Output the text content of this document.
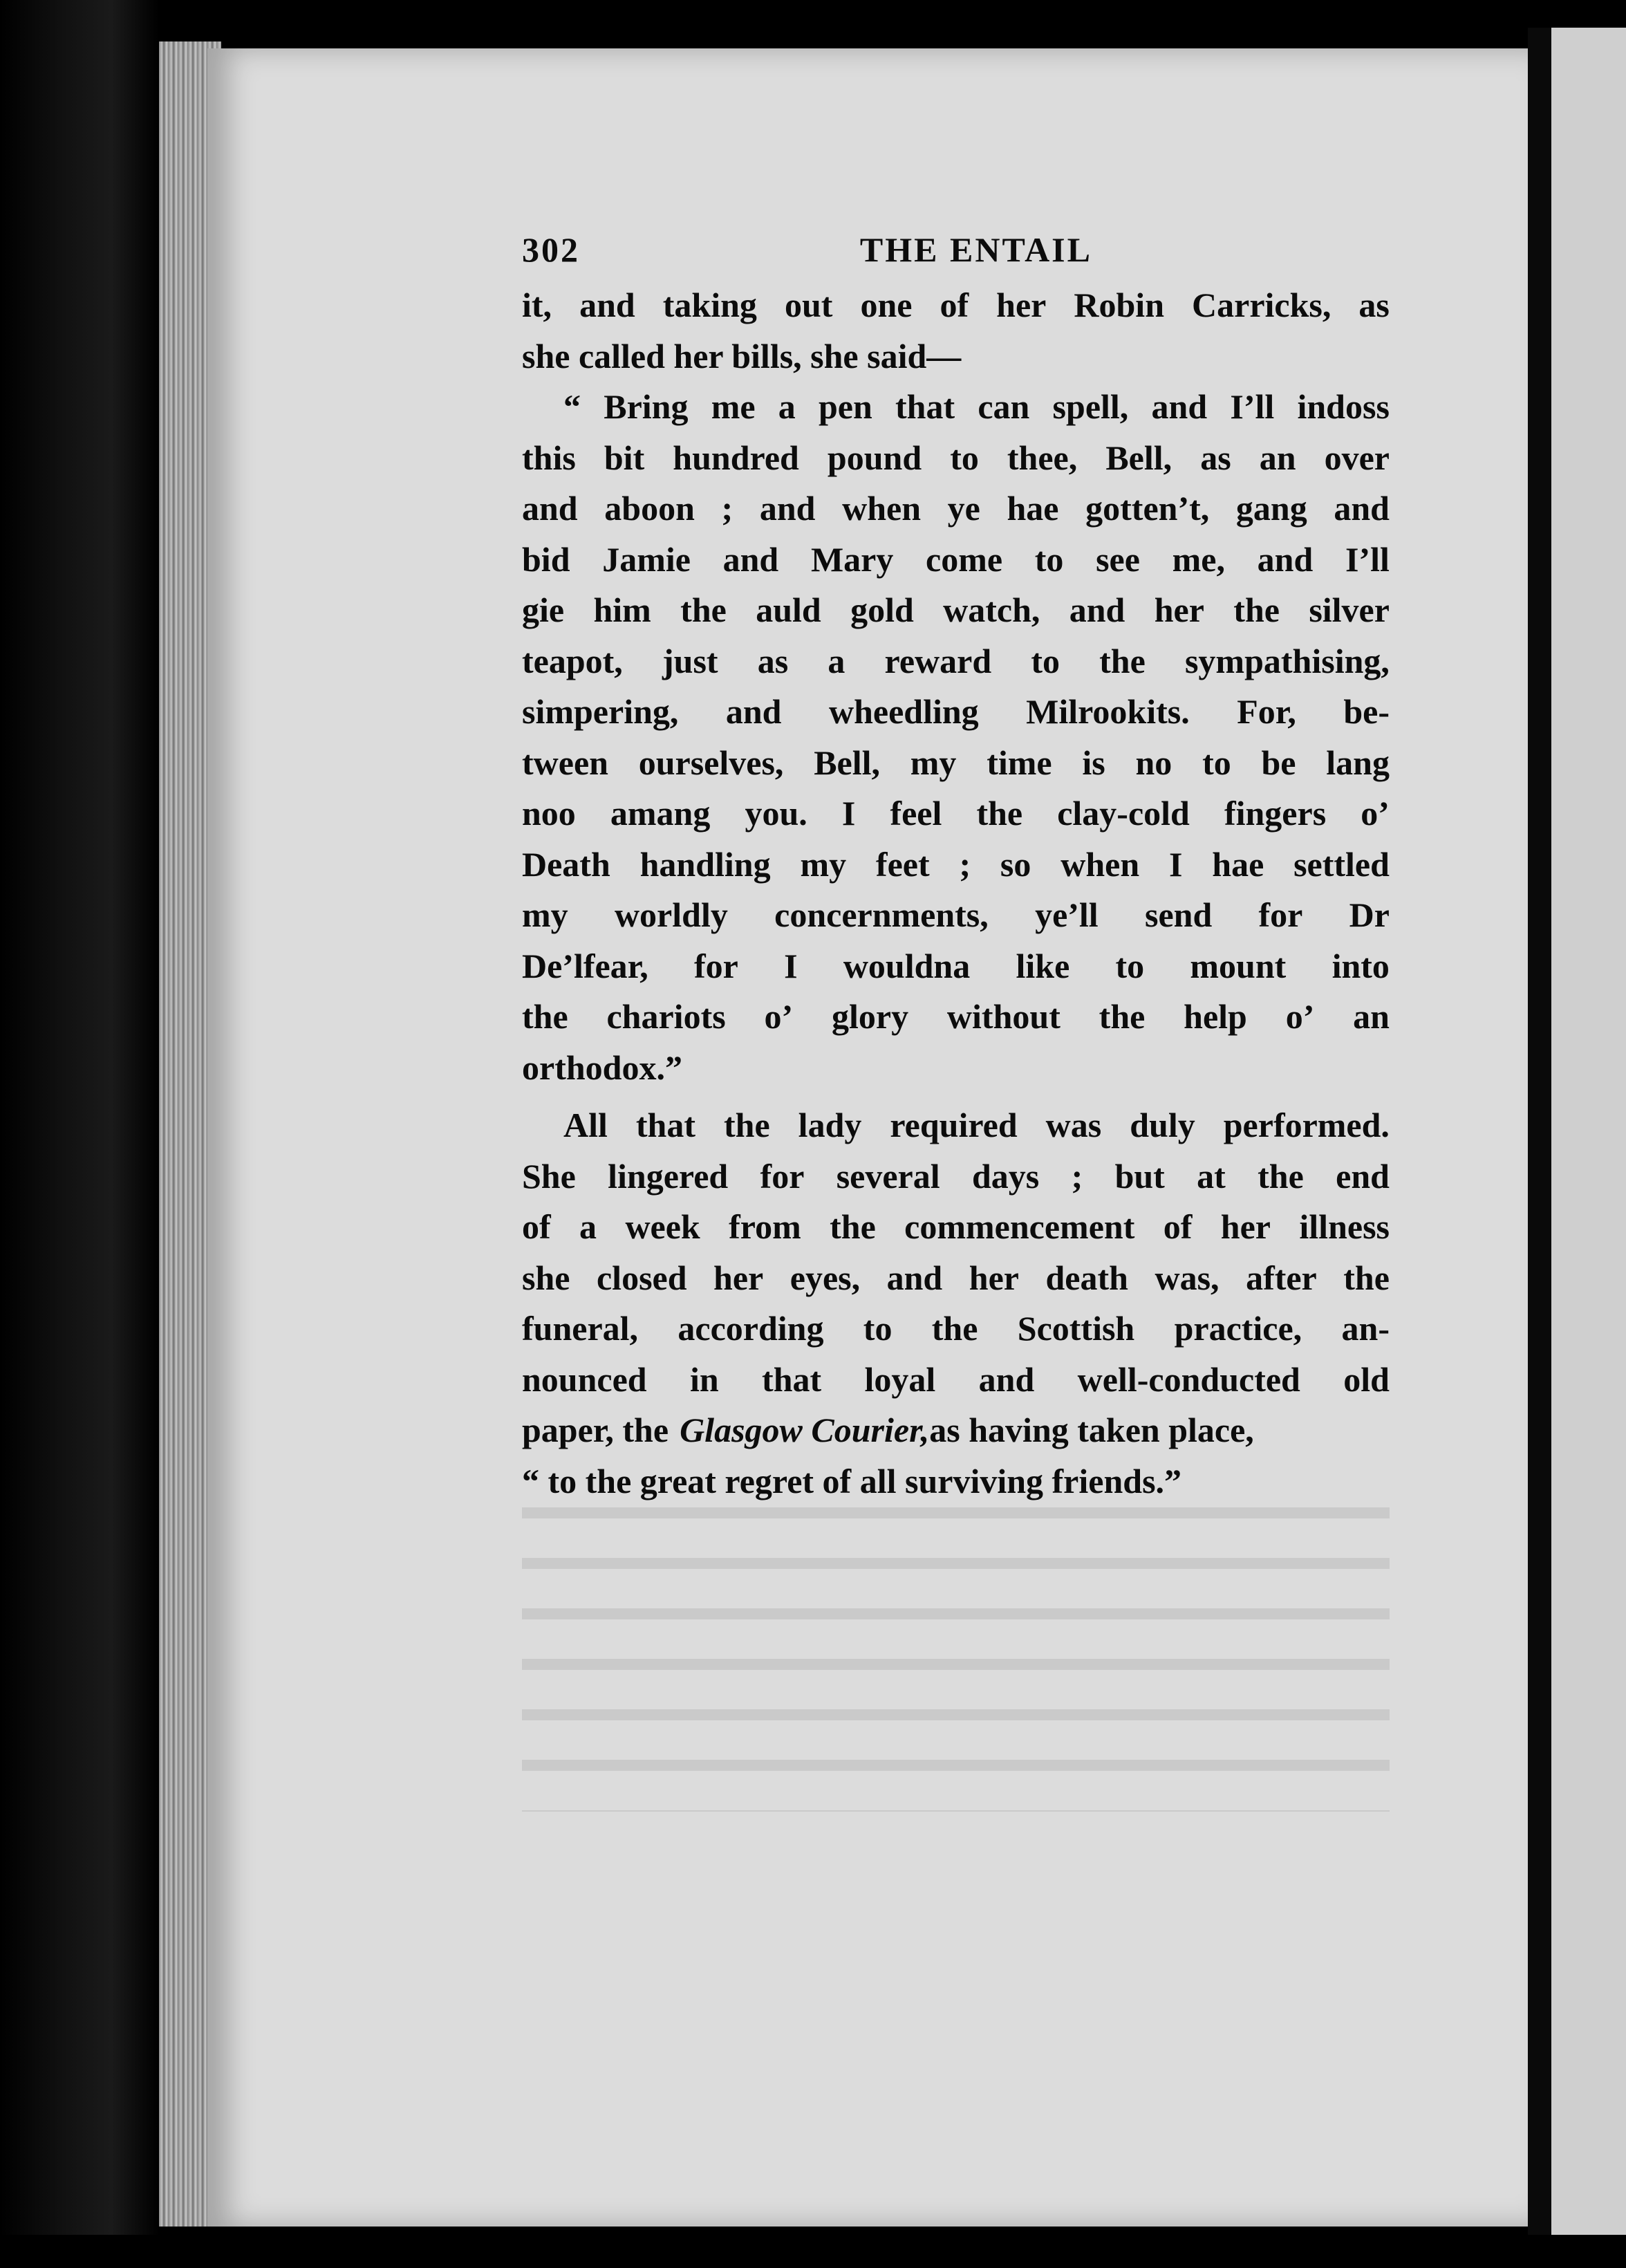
302	THE ENTAIL
it, and taking out one of her Robin Carricks, as
she called her bills, she said—
“ Bring me a pen that can spell, and I’ll indoss
this bit hundred pound to thee, Bell, as an over
and aboon ; and when ye hae gotten’t, gang and
bid Jamie and Mary come to see me, and I’ll
gie him the auld gold watch, and her the silver
teapot, just as a reward to the sympathising,
simpering, and wheedling Milrookits. For, be-
tween ourselves, Bell, my time is no to be lang
noo amang you. I feel the clay-cold fingers o’
Death handling my feet ; so when I hae settled
my worldly concernments, ye’ll send for Dr
De’lfear, for I wouldna like to mount into
the chariots o’ glory without the help o’ an
orthodox.”
All that the lady required was duly performed.
She lingered for several days ; but at the end
of a week from the commencement of her illness
she closed her eyes, and her death was, after the
funeral, according to the Scottish practice, an-
nounced in that loyal and well-conducted old
paper, the Glasgow Courier, as having taken place,
“ to the great regret of all surviving friends.”
